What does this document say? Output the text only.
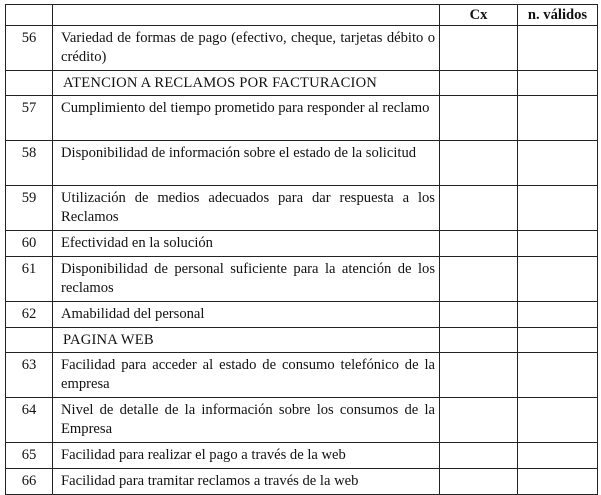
		Cx	n. válidos
56	Variedad de formas de pago (efectivo, cheque, tarjetas débito o crédito)		
	ATENCION A RECLAMOS POR FACTURACION		
57	Cumplimiento del tiempo prometido para responder al reclamo		
58	Disponibilidad de información sobre el estado de la solicitud		
59	Utilización de medios adecuados para dar respuesta a los Reclamos		
60	Efectividad en la solución		
61	Disponibilidad de personal suficiente para la atención de los reclamos		
62	Amabilidad del personal		
	PAGINA WEB		
63	Facilidad para acceder al estado de consumo telefónico de la empresa		
64	Nivel de detalle de la información sobre los consumos de la Empresa		
65	Facilidad para realizar el pago a través de la web		
66	Facilidad para tramitar reclamos a través de la web		
